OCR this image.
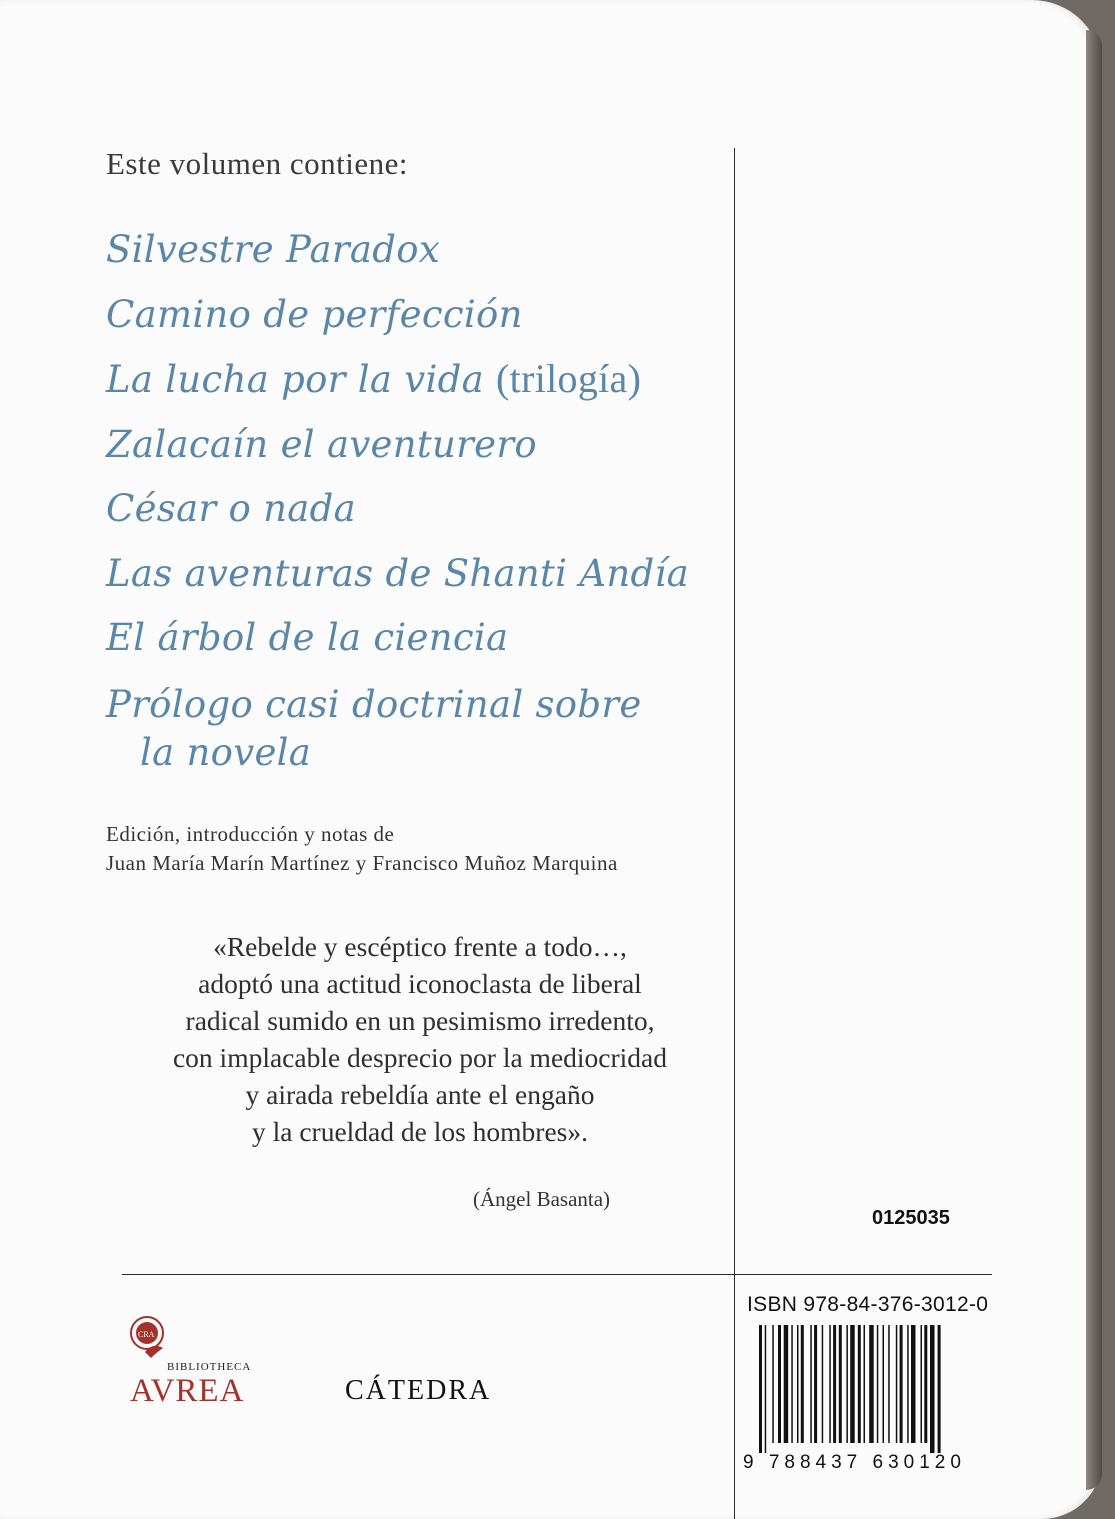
Este volumen contiene:
Silvestre Paradox
Camino de perfección
La lucha por la vida (trilogía)
Zalacaín el aventurero
César o nada
Las aventuras de Shanti Andía
El árbol de la ciencia
Prólogo casi doctrinal sobre
la novela
Edición, introducción y notas de
Juan María Marín Martínez y Francisco Muñoz Marquina
«Rebelde y escéptico frente a todo…,
adoptó una actitud iconoclasta de liberal
radical sumido en un pesimismo irredento,
con implacable desprecio por la mediocridad
y airada rebeldía ante el engaño
y la crueldad de los hombres».
(Ángel Basanta)
0125035
ISBN 978-84-376-3012-0
9 788437 630120
CRA
BIBLIOTHECA
AVREA	CÁTEDRA
